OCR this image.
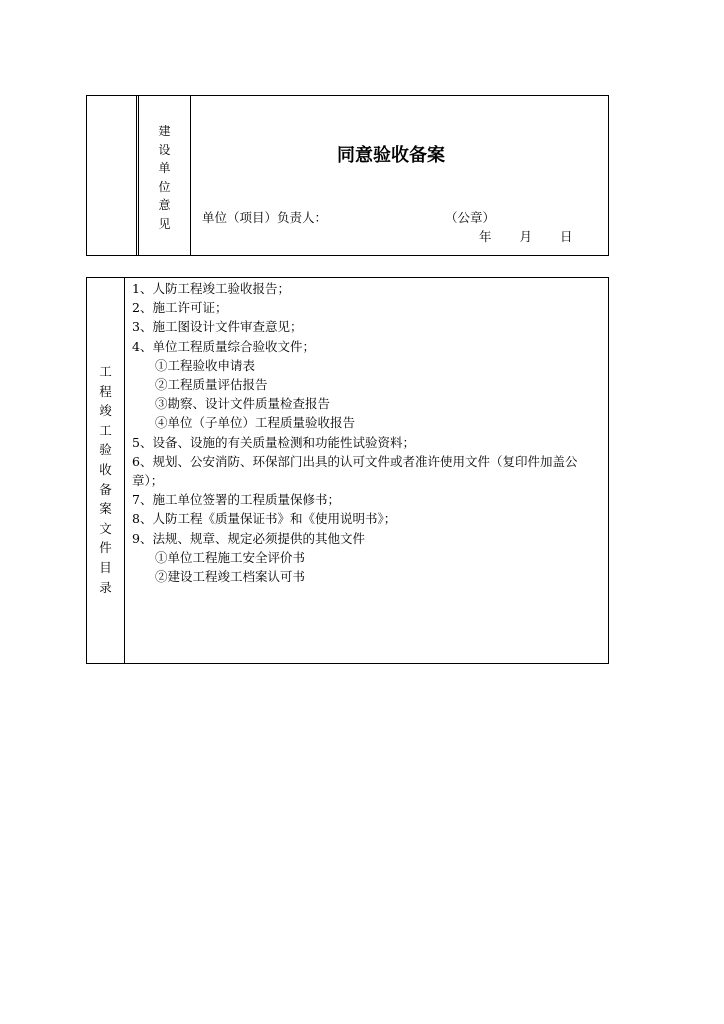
建
设
单
位
意
见
同意验收备案
单位（项目）负责人：	（公章）
年 月 日
工
程
竣
工
验
收
备
案
文
件
目
录
1、人防工程竣工验收报告；
2、施工许可证；
3、施工图设计文件审查意见；
4、单位工程质量综合验收文件；
①工程验收申请表
②工程质量评估报告
③勘察、设计文件质量检查报告
④单位（子单位）工程质量验收报告
5、设备、设施的有关质量检测和功能性试验资料；
6、规划、公安消防、环保部门出具的认可文件或者准许使用文件（复印件加盖公章）；
7、施工单位签署的工程质量保修书；
8、人防工程《质量保证书》和《使用说明书》；
9、法规、规章、规定必须提供的其他文件
①单位工程施工安全评价书
②建设工程竣工档案认可书
